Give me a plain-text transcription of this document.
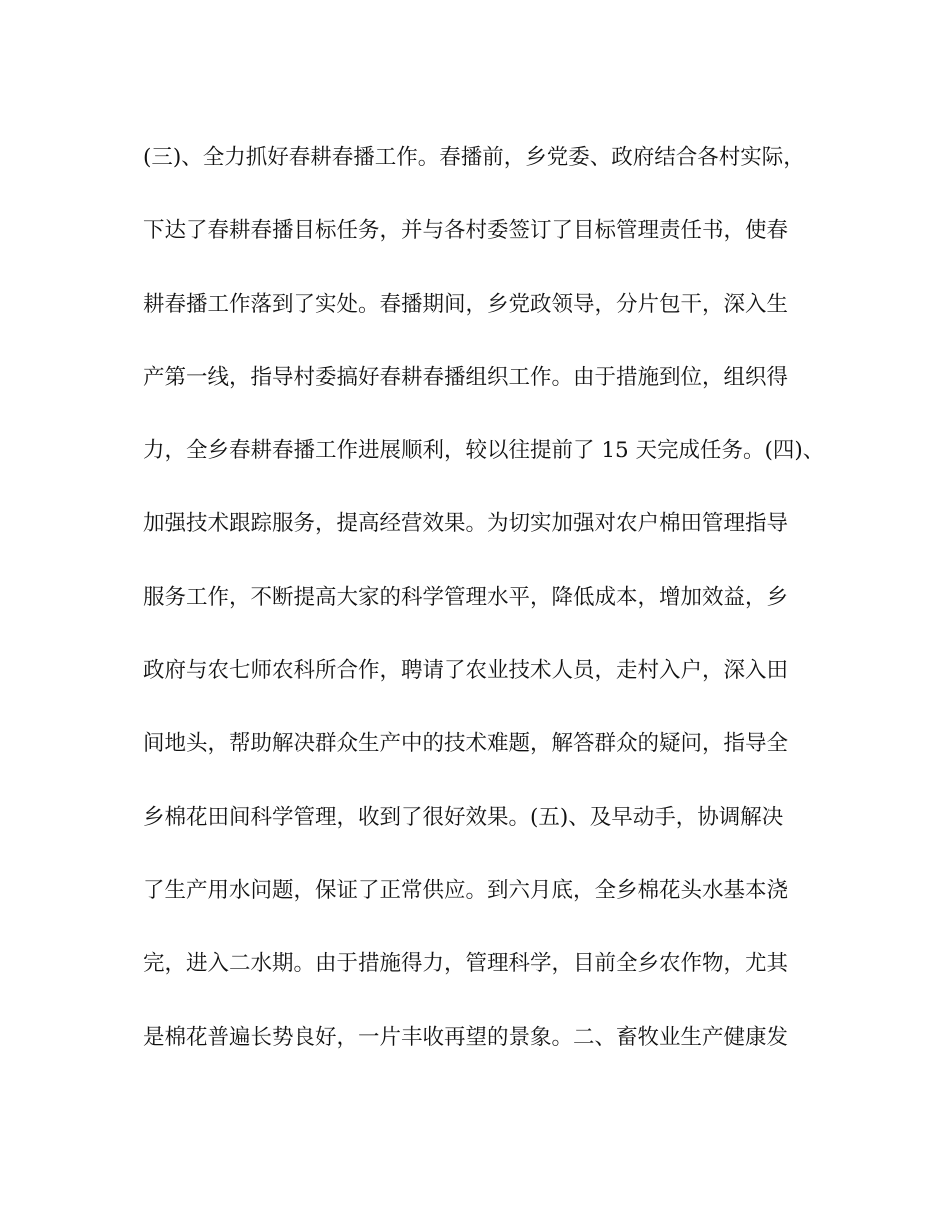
(三)、全力抓好春耕春播工作。春播前，乡党委、政府结合各村实际，
下达了春耕春播目标任务，并与各村委签订了目标管理责任书，使春
耕春播工作落到了实处。春播期间，乡党政领导，分片包干，深入生
产第一线，指导村委搞好春耕春播组织工作。由于措施到位，组织得
力，全乡春耕春播工作进展顺利，较以往提前了 15 天完成任务。(四)、
加强技术跟踪服务，提高经营效果。为切实加强对农户棉田管理指导
服务工作，不断提高大家的科学管理水平，降低成本，增加效益，乡
政府与农七师农科所合作，聘请了农业技术人员，走村入户，深入田
间地头，帮助解决群众生产中的技术难题，解答群众的疑问，指导全
乡棉花田间科学管理，收到了很好效果。(五)、及早动手，协调解决
了生产用水问题，保证了正常供应。到六月底，全乡棉花头水基本浇
完，进入二水期。由于措施得力，管理科学，目前全乡农作物，尤其
是棉花普遍长势良好，一片丰收再望的景象。二、畜牧业生产健康发
